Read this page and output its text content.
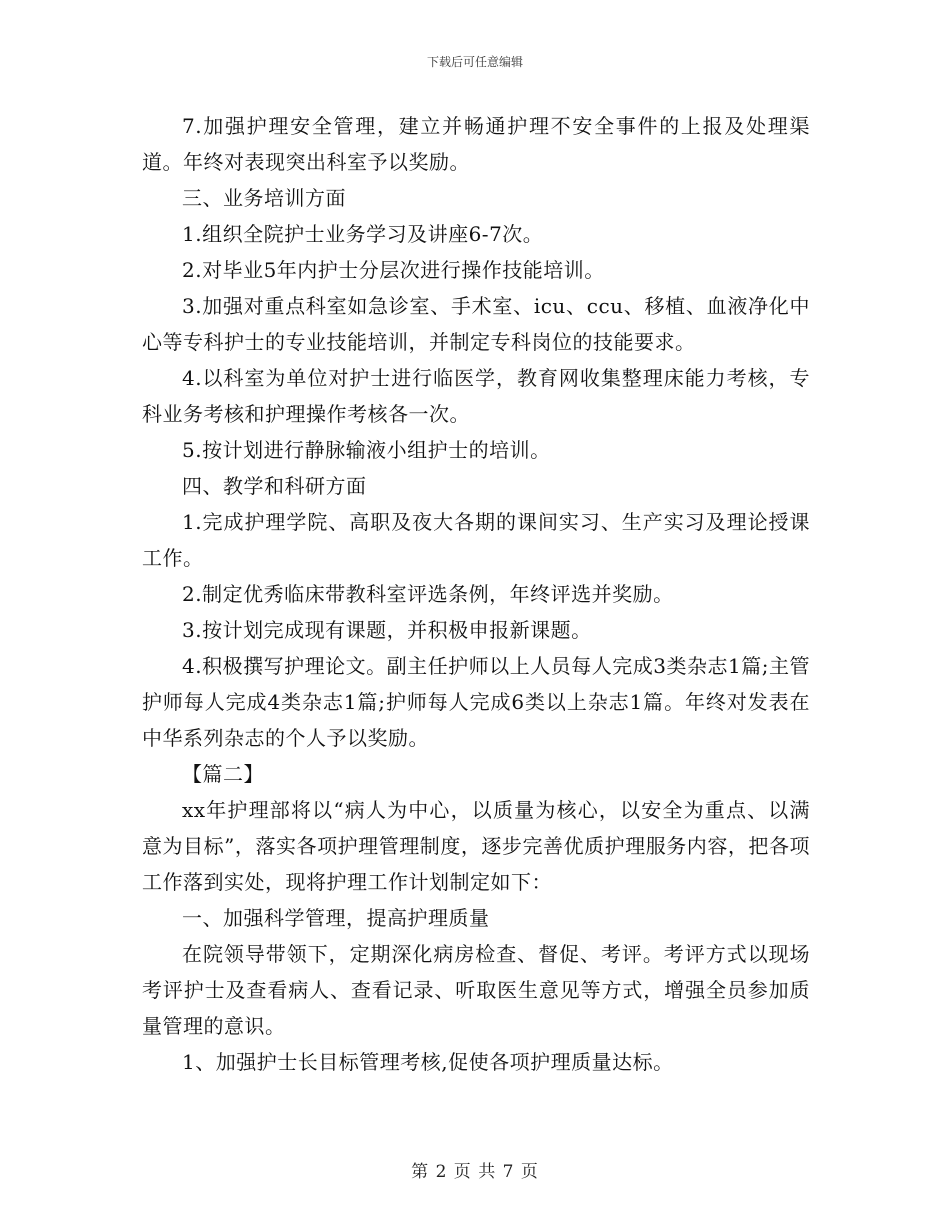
下载后可任意编辑

7.加强护理安全管理，建立并畅通护理不安全事件的上报及处理渠道。年终对表现突出科室予以奖励。

三、业务培训方面

1.组织全院护士业务学习及讲座6-7次。

2.对毕业5年内护士分层次进行操作技能培训。

3.加强对重点科室如急诊室、手术室、icu、ccu、移植、血液净化中心等专科护士的专业技能培训，并制定专科岗位的技能要求。

4.以科室为单位对护士进行临医学，教育网收集整理床能力考核，专科业务考核和护理操作考核各一次。

5.按计划进行静脉输液小组护士的培训。

四、教学和科研方面

1.完成护理学院、高职及夜大各期的课间实习、生产实习及理论授课工作。

2.制定优秀临床带教科室评选条例，年终评选并奖励。

3.按计划完成现有课题，并积极申报新课题。

4.积极撰写护理论文。副主任护师以上人员每人完成3类杂志1篇;主管护师每人完成4类杂志1篇;护师每人完成6类以上杂志1篇。年终对发表在中华系列杂志的个人予以奖励。

【篇二】

xx年护理部将以“病人为中心，以质量为核心，以安全为重点、以满意为目标”，落实各项护理管理制度，逐步完善优质护理服务内容，把各项工作落到实处，现将护理工作计划制定如下：

一、加强科学管理，提高护理质量

在院领导带领下，定期深化病房检查、督促、考评。考评方式以现场考评护士及查看病人、查看记录、听取医生意见等方式，增强全员参加质量管理的意识。

1、加强护士长目标管理考核,促使各项护理质量达标。

第 2 页 共 7 页
